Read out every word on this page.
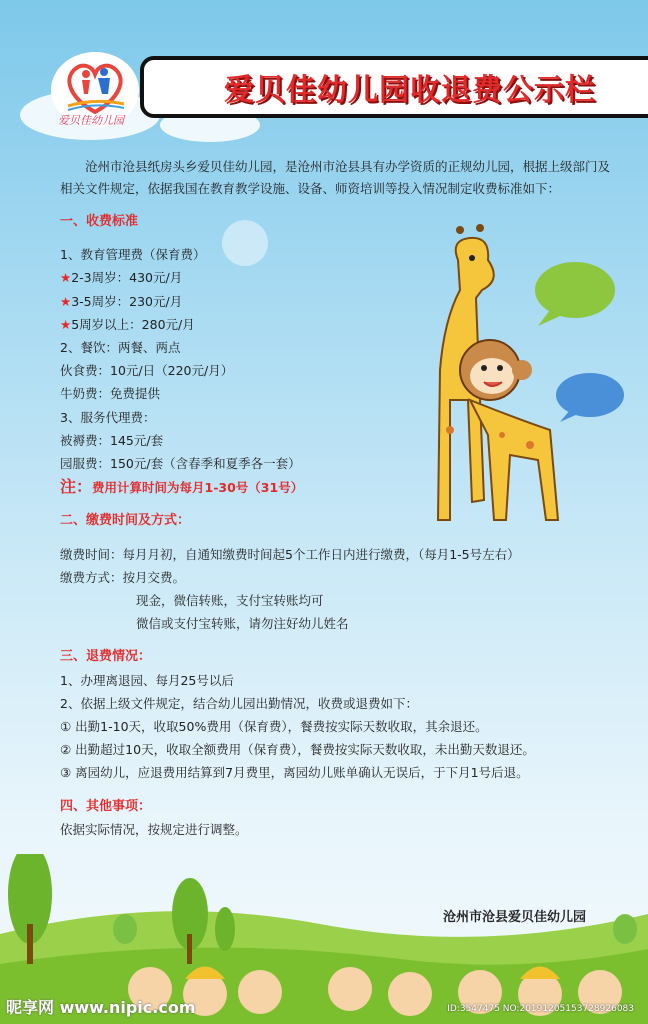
爱贝佳幼儿园
爱贝佳幼儿园收退费公示栏

沧州市沧县纸房头乡爱贝佳幼儿园，是沧州市沧县具有办学资质的正规幼儿园，根据上级部门及相关文件规定，依据我国在教育教学设施、设备、师资培训等投入情况制定收费标准如下：

一、收费标准
1、教育管理费（保育费）
★2-3周岁：430元/月
★3-5周岁：230元/月
★5周岁以上：280元/月
2、餐饮：两餐、两点
伙食费：10元/日（220元/月）
牛奶费：免费提供
3、服务代理费：
被褥费：145元/套
园服费：150元/套（含春季和夏季各一套）
注：费用计算时间为每月1-30号（31号）
二、缴费时间及方式：
缴费时间：每月月初，自通知缴费时间起5个工作日内进行缴费，（每月1-5号左右）
缴费方式：按月交费。
现金，微信转账，支付宝转账均可
微信或支付宝转账，请勿注好幼儿姓名
三、退费情况：
1、办理离退园、每月25号以后
2、依据上级文件规定，结合幼儿园出勤情况，收费或退费如下：
① 出勤1-10天，收取50%费用（保育费），餐费按实际天数收取，其余退还。
② 出勤超过10天，收取全额费用（保育费），餐费按实际天数收取，未出勤天数退还。
③ 离园幼儿，应退费用结算到7月费里，离园幼儿账单确认无误后，于下月1号后退。
四、其他事项：
依据实际情况，按规定进行调整。
沧州市沧县爱贝佳幼儿园
昵享网 www.nipic.com	ID:3547475 NO:20191205153728926083
